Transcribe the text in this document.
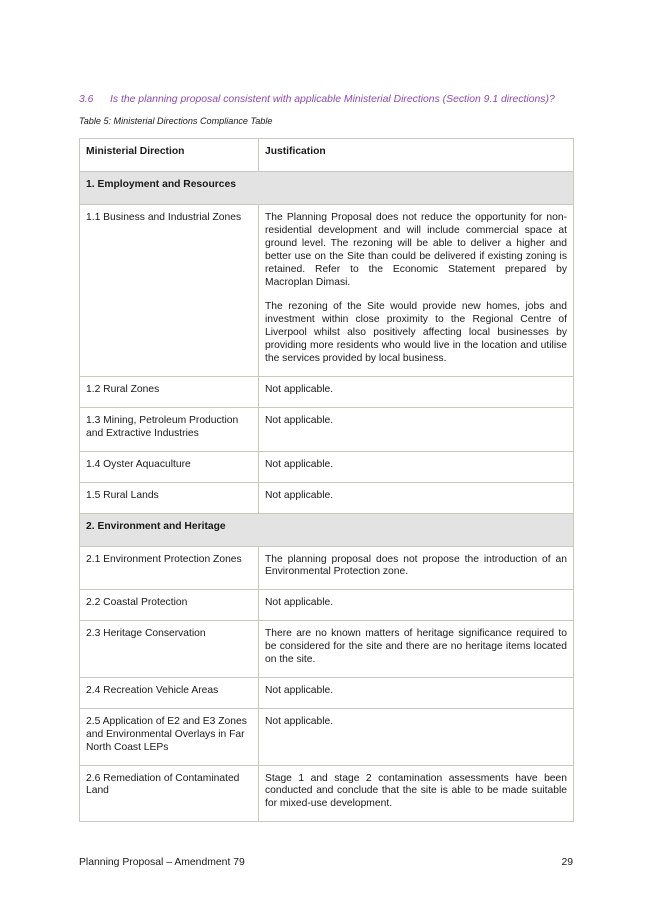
3.6 Is the planning proposal consistent with applicable Ministerial Directions (Section 9.1 directions)?
Table 5: Ministerial Directions Compliance Table
Ministerial Direction	Justification
1. Employment and Resources	
1.1 Business and Industrial Zones	The Planning Proposal does not reduce the opportunity for non-residential development and will include commercial space at ground level. The rezoning will be able to deliver a higher and better use on the Site than could be delivered if existing zoning is retained. Refer to the Economic Statement prepared by Macroplan Dimasi.

The rezoning of the Site would provide new homes, jobs and investment within close proximity to the Regional Centre of Liverpool whilst also positively affecting local businesses by providing more residents who would live in the location and utilise the services provided by local business.

1.2 Rural Zones	Not applicable.

1.3 Mining, Petroleum Production and Extractive Industries	Not applicable.

1.4 Oyster Aquaculture	Not applicable.

1.5 Rural Lands	Not applicable.

2. Environment and Heritage	
2.1 Environment Protection Zones	The planning proposal does not propose the introduction of an Environmental Protection zone.

2.2 Coastal Protection	Not applicable.

2.3 Heritage Conservation	There are no known matters of heritage significance required to be considered for the site and there are no heritage items located on the site.

2.4 Recreation Vehicle Areas	Not applicable.

2.5 Application of E2 and E3 Zones and Environmental Overlays in Far North Coast LEPs	Not applicable.

2.6 Remediation of Contaminated Land	Stage 1 and stage 2 contamination assessments have been conducted and conclude that the site is able to be made suitable for mixed-use development.

Planning Proposal – Amendment 79	29
